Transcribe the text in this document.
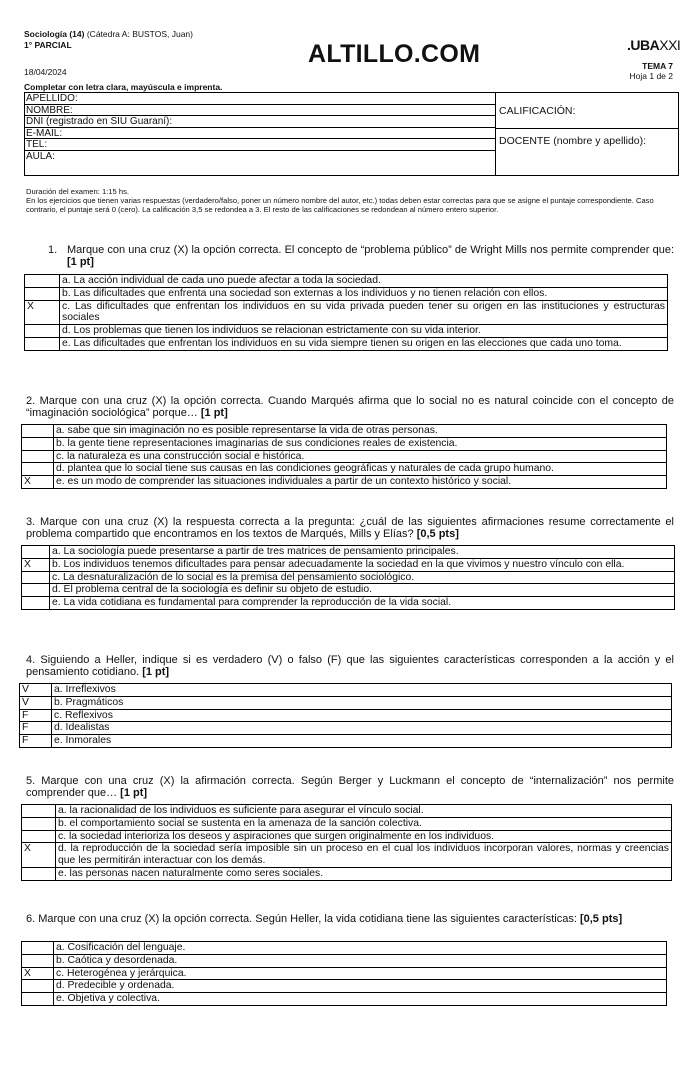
Sociología (14) (Cátedra A: BUSTOS, Juan)
1° PARCIAL
18/04/2024
ALTILLO.COM	.UBAXXI
TEMA 7
Hoja 1 de 2
Completar con letra clara, mayúscula e imprenta.
APELLIDO:
NOMBRE:
DNI (registrado en SIU Guaraní):
E-MAIL:
TEL:
AULA:
CALIFICACIÓN:
DOCENTE (nombre y apellido):
Duración del examen: 1:15 hs.
En los ejercicios que tienen varias respuestas (verdadero/falso, poner un número nombre del autor, etc.) todas deben estar correctas para que se asigne el puntaje correspondiente. Caso contrario, el puntaje será 0 (cero). La calificación 3,5 se redondea a 3. El resto de las calificaciones se redondean al número entero superior.
1. Marque con una cruz (X) la opción correcta. El concepto de “problema público” de Wright Mills nos permite comprender que: [1 pt]
	a. La acción individual de cada uno puede afectar a toda la sociedad.
	b. Las dificultades que enfrenta una sociedad son externas a los individuos y no tienen relación con ellos.
X	c. Las dificultades que enfrentan los individuos en su vida privada pueden tener su origen en las instituciones y estructuras sociales
	d. Los problemas que tienen los individuos se relacionan estrictamente con su vida interior.
	e. Las dificultades que enfrentan los individuos en su vida siempre tienen su origen en las elecciones que cada uno toma.
2. Marque con una cruz (X) la opción correcta. Cuando Marqués afirma que lo social no es natural coincide con el concepto de “imaginación sociológica” porque… [1 pt]
	a. sabe que sin imaginación no es posible representarse la vida de otras personas.
	b. la gente tiene representaciones imaginarias de sus condiciones reales de existencia.
	c. la naturaleza es una construcción social e histórica.
	d. plantea que lo social tiene sus causas en las condiciones geográficas y naturales de cada grupo humano.
X	e. es un modo de comprender las situaciones individuales a partir de un contexto histórico y social.
3. Marque con una cruz (X) la respuesta correcta a la pregunta: ¿cuál de las siguientes afirmaciones resume correctamente el problema compartido que encontramos en los textos de Marqués, Mills y Elías? [0,5 pts]
	a. La sociología puede presentarse a partir de tres matrices de pensamiento principales.
X	b. Los individuos tenemos dificultades para pensar adecuadamente la sociedad en la que vivimos y nuestro vínculo con ella.
	c. La desnaturalización de lo social es la premisa del pensamiento sociológico.
	d. El problema central de la sociología es definir su objeto de estudio.
	e. La vida cotidiana es fundamental para comprender la reproducción de la vida social.
4. Siguiendo a Heller, indique si es verdadero (V) o falso (F) que las siguientes características corresponden a la acción y el pensamiento cotidiano. [1 pt]
V	a. Irreflexivos
V	b. Pragmáticos
F	c. Reflexivos
F	d. Idealistas
F	e. Inmorales
5. Marque con una cruz (X) la afirmación correcta. Según Berger y Luckmann el concepto de “internalización” nos permite comprender que… [1 pt]
	a. la racionalidad de los individuos es suficiente para asegurar el vínculo social.
	b. el comportamiento social se sustenta en la amenaza de la sanción colectiva.
	c. la sociedad interioriza los deseos y aspiraciones que surgen originalmente en los individuos.
X	d. la reproducción de la sociedad sería imposible sin un proceso en el cual los individuos incorporan valores, normas y creencias que les permitirán interactuar con los demás.
	e. las personas nacen naturalmente como seres sociales.
6. Marque con una cruz (X) la opción correcta. Según Heller, la vida cotidiana tiene las siguientes características: [0,5 pts]
	a. Cosificación del lenguaje.
	b. Caótica y desordenada.
X	c. Heterogénea y jerárquica.
	d. Predecible y ordenada.
	e. Objetiva y colectiva.
